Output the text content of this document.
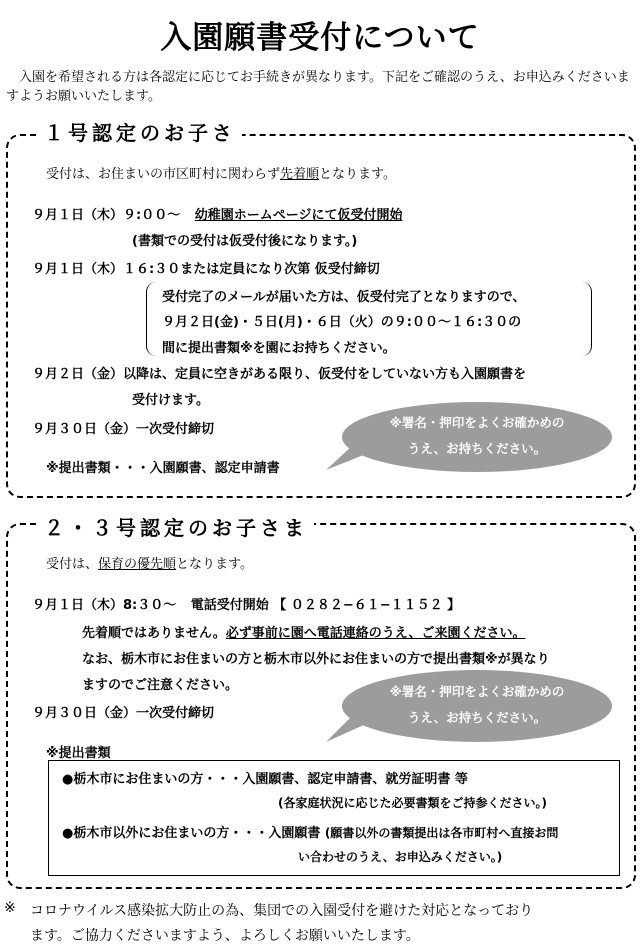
入園願書受付について
入園を希望される方は各認定に応じてお手続きが異なります。下記をご確認のうえ、お申込みくださいますようお願いいたします。
１号認定のお子さ
受付は、お住まいの市区町村に関わらず先着順となります。
９月１日（木）９:００〜 幼稚園ホームページにて仮受付開始
(書類での受付は仮受付後になります。)
９月１日（木）１６:３０または定員になり次第 仮受付締切
受付完了のメールが届いた方は、仮受付完了となりますので、
９月２日(金)・５日(月)・６日（火）の９:００〜１６:３０の
間に提出書類※を園にお持ちください。
９月２日（金）以降は、定員に空きがある限り、仮受付をしていない方も入園願書を
受付けます。
９月３０日（金）一次受付締切	※署名・押印をよくお確かめの
うえ、お持ちください。
※提出書類・・・入園願書、認定申請書
２・３号認定のお子さま
受付は、保育の優先順となります。
９月１日（木）8:３０〜 電話受付開始 【 ０２８２−６１−１１５２ 】
先着順ではありません。必ず事前に園へ電話連絡のうえ、ご来園ください。
なお、栃木市にお住まいの方と栃木市以外にお住まいの方で提出書類※が異なり
ますのでご注意ください。
９月３０日（金）一次受付締切
※署名・押印をよくお確かめの
うえ、お持ちください。
※提出書類
●栃木市にお住まいの方・・・入園願書、認定申請書、就労証明書 等
(各家庭状況に応じた必要書類をご持参ください。)
●栃木市以外にお住まいの方・・・入園願書 (願書以外の書類提出は各市町村へ直接お問
い合わせのうえ、お申込みください。)
※ コロナウイルス感染拡大防止の為、集団での入園受付を避けた対応となっており
ます。ご協力くださいますよう、よろしくお願いいたします。
